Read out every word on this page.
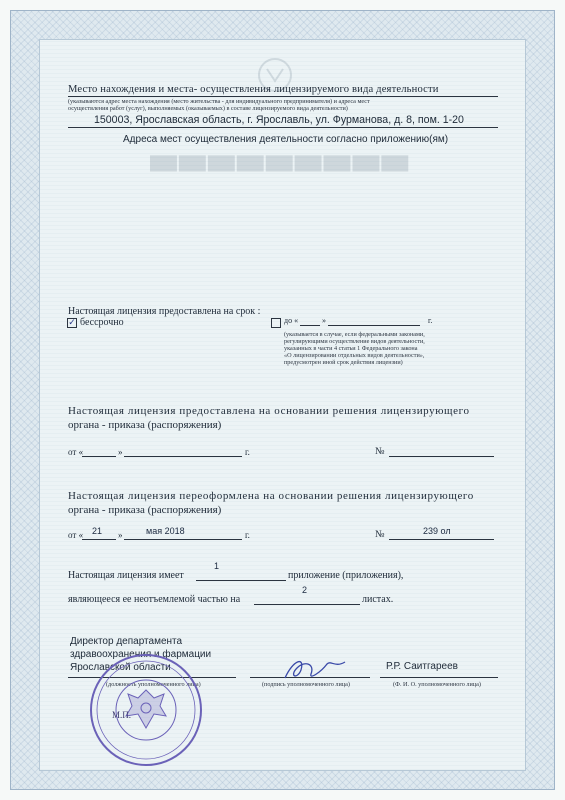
▀▀▀▀▀▀▀▀▀
Место нахождения и места- осуществления лицензируемого вида деятельности
(указываются адрес места нахождения (место жительства - для индивидуального предпринимателя) и адреса мест
осуществления работ (услуг), выполняемых (оказываемых) в составе лицензируемого вида деятельности)
150003, Ярославская область, г. Ярославль, ул. Фурманова, д. 8, пом. 1-20
Адреса мест осуществления деятельности согласно приложению(ям)
Настоящая лицензия предоставлена на срок :
✓ бессрочно	до «	»	г.
(указывается в случае, если федеральными законами,
регулирующими осуществление видов деятельности,
указанных в части 4 статьи 1 Федерального закона
«О лицензировании отдельных видов деятельности»,
предусмотрен иной срок действия лицензии)
Настоящая лицензия предоставлена на основании решения лицензирующего
органа - приказа (распоряжения)
от «	»	г.	№
Настоящая лицензия переоформлена на основании решения лицензирующего
органа - приказа (распоряжения)
от « 21 »	мая 2018	г.	№	239 ол
1
Настоящая лицензия имеет	приложение (приложения),
2
являющееся ее неотъемлемой частью на	листах.
Директор департамента
здравоохранения и фармации
Ярославской области	Р.Р. Саитгареев
(должность уполномоченного лица)	(подпись уполномоченного лица)	(Ф. И. О. уполномоченного лица)
М.П.
